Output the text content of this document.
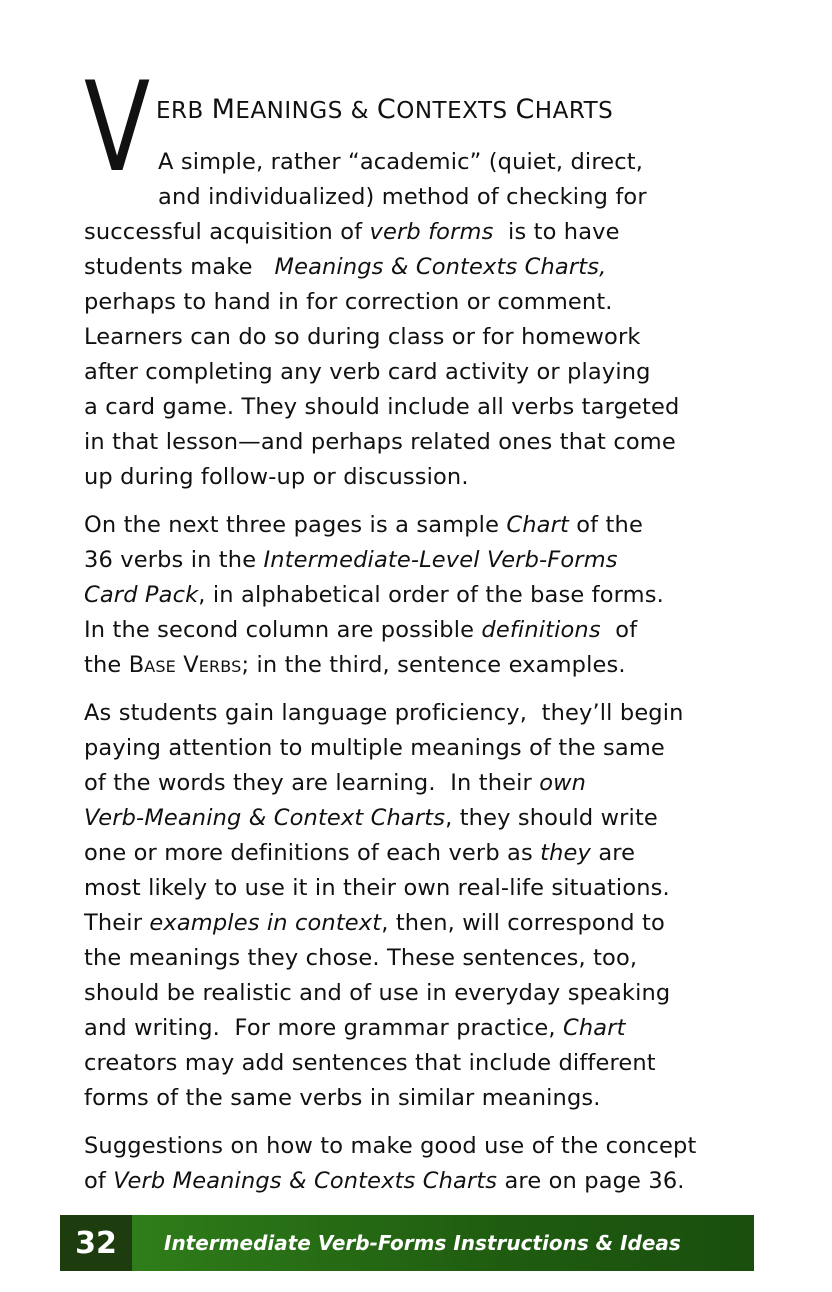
V ERB MEANINGS & CONTEXTS CHARTS
A simple, rather “academic” (quiet, direct,
and individualized) method of checking for
successful acquisition of verb forms  is to have
students make   Meanings & Contexts Charts,
perhaps to hand in for correction or comment.
Learners can do so during class or for homework
after completing any verb card activity or playing
a card game. They should include all verbs targeted
in that lesson—and perhaps related ones that come
up during follow-up or discussion.
On the next three pages is a sample Chart of the
36 verbs in the Intermediate-Level Verb-Forms
Card Pack, in alphabetical order of the base forms.
In the second column are possible definitions  of
the Base Verbs; in the third, sentence examples.
As students gain language proficiency,  they’ll begin
paying attention to multiple meanings of the same
of the words they are learning.  In their own
Verb-Meaning & Context Charts, they should write
one or more definitions of each verb as they are
most likely to use it in their own real-life situations.
Their examples in context, then, will correspond to
the meanings they chose. These sentences, too,
should be realistic and of use in everyday speaking
and writing.  For more grammar practice, Chart
creators may add sentences that include different
forms of the same verbs in similar meanings.
Suggestions on how to make good use of the concept
of Verb Meanings & Contexts Charts are on page 36.
32	Intermediate Verb-Forms Instructions & Ideas
